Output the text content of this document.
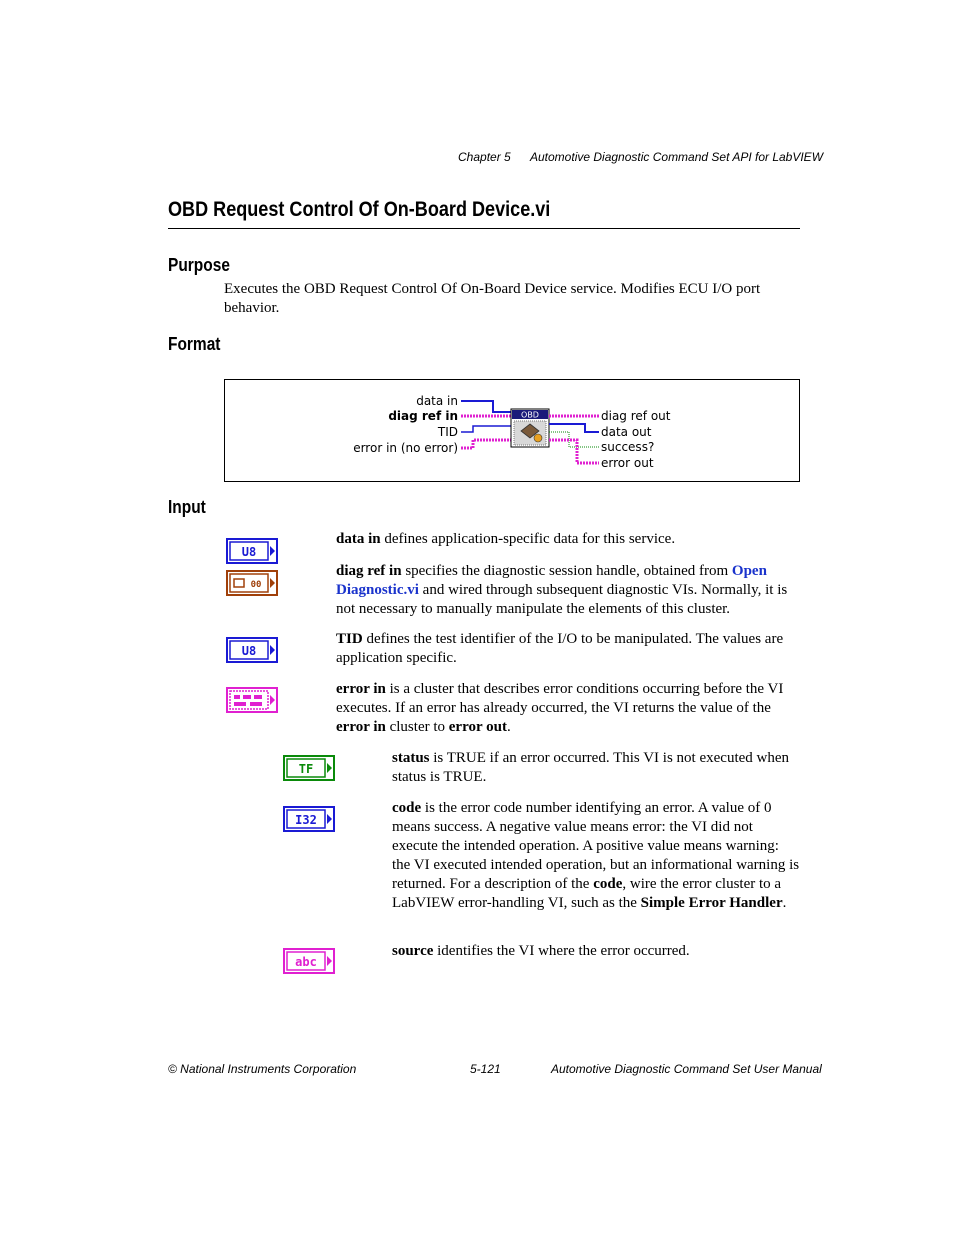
Chapter 5 Automotive Diagnostic Command Set API for LabVIEW
OBD Request Control Of On-Board Device.vi
Purpose
Executes the OBD Request Control Of On-Board Device service. Modifies ECU I/O port behavior.
Format
data in
diag ref in
TID
error in (no error)
diag ref out
data out
success?
error out
OBD
Input
U8
00
U8
data in defines application-specific data for this service.
diag ref in specifies the diagnostic session handle, obtained from Open Diagnostic.vi and wired through subsequent diagnostic VIs. Normally, it is not necessary to manually manipulate the elements of this cluster.
TID defines the test identifier of the I/O to be manipulated. The values are application specific.
error in is a cluster that describes error conditions occurring before the VI executes. If an error has already occurred, the VI returns the value of the error in cluster to error out.
TF
I32
abc
status is TRUE if an error occurred. This VI is not executed when status is TRUE.
code is the error code number identifying an error. A value of 0 means success. A negative value means error: the VI did not execute the intended operation. A positive value means warning: the VI executed intended operation, but an informational warning is returned. For a description of the code, wire the error cluster to a LabVIEW error-handling VI, such as the Simple Error Handler.
source identifies the VI where the error occurred.
© National Instruments Corporation	5-121	Automotive Diagnostic Command Set User Manual
